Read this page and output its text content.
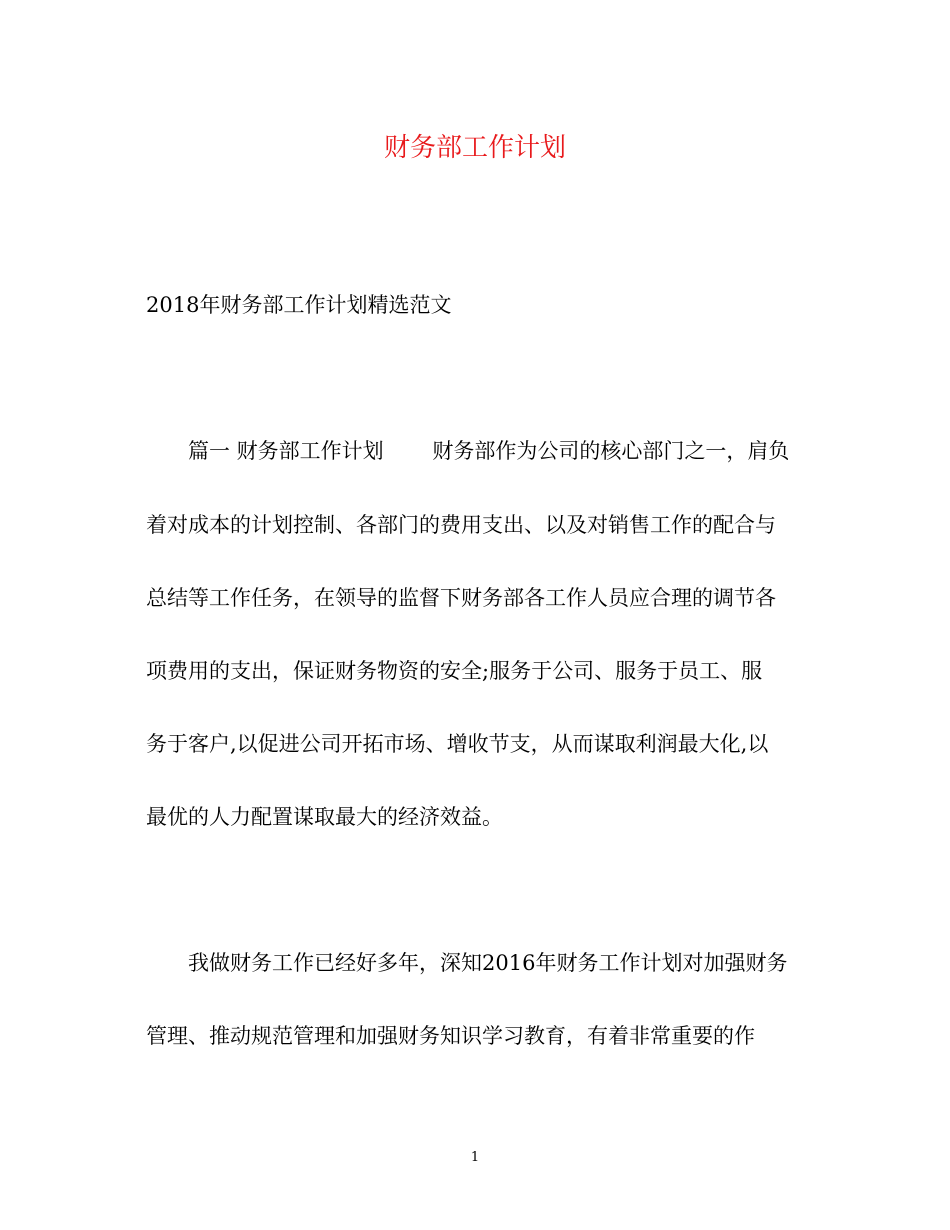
财务部工作计划

2018年财务部工作计划精选范文

篇一 财务部工作计划　　 财务部作为公司的核心部门之一，肩负

着对成本的计划控制、各部门的费用支出、以及对销售工作的配合与

总结等工作任务，在领导的监督下财务部各工作人员应合理的调节各

项费用的支出，保证财务物资的安全;服务于公司、服务于员工、服

务于客户,以促进公司开拓市场、增收节支，从而谋取利润最大化,以

最优的人力配置谋取最大的经济效益。

我做财务工作已经好多年，深知2016年财务工作计划对加强财务

管理、推动规范管理和加强财务知识学习教育，有着非常重要的作

1
